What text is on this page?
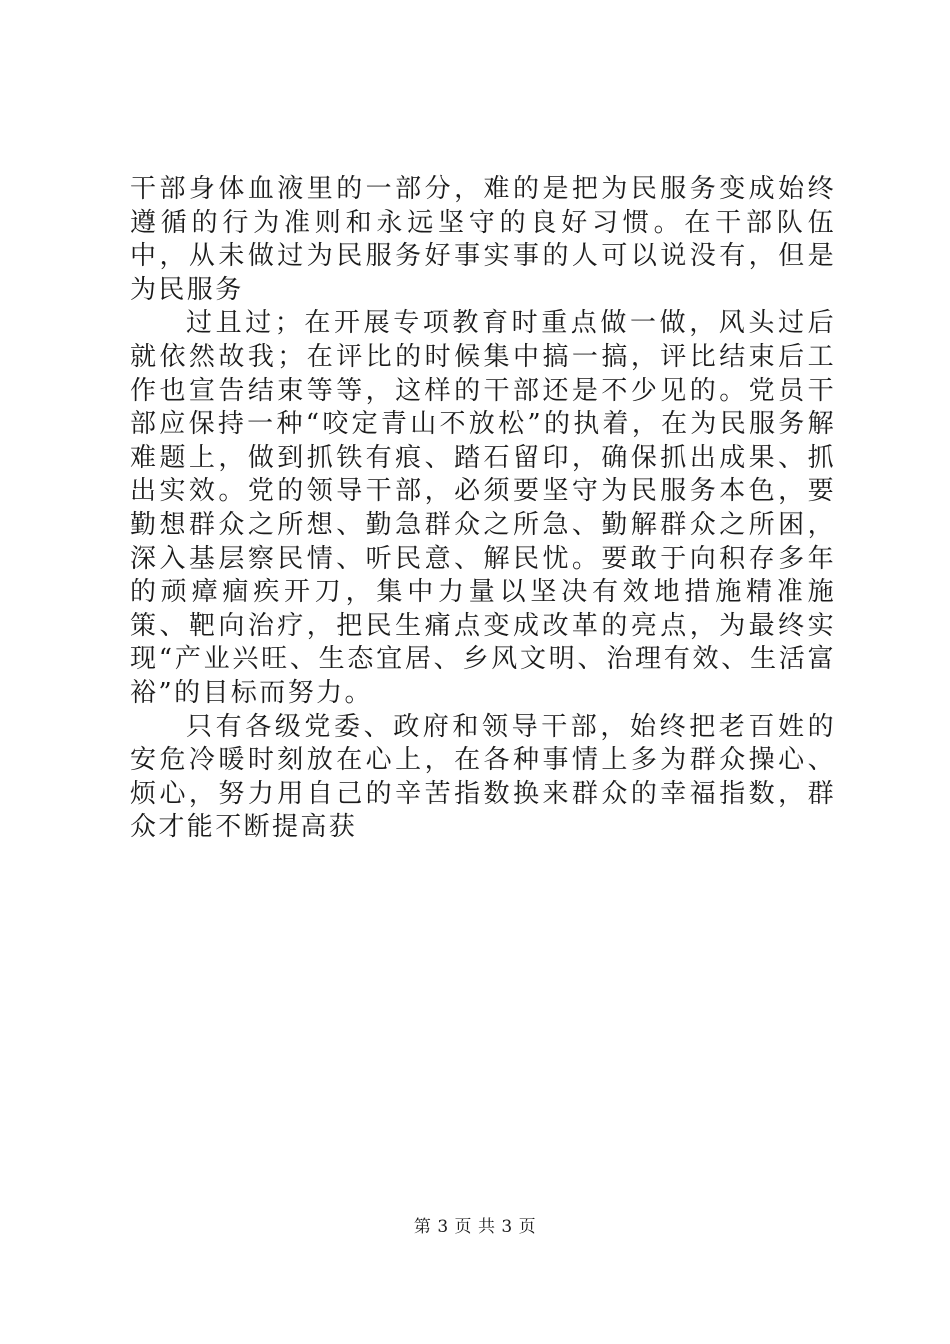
干部身体血液里的一部分，难的是把为民服务变成始终遵循的行为准则和永远坚守的良好习惯。在干部队伍中，从未做过为民服务好事实事的人可以说没有，但是为民服务

过且过；在开展专项教育时重点做一做，风头过后就依然故我；在评比的时候集中搞一搞，评比结束后工作也宣告结束等等，这样的干部还是不少见的。党员干部应保持一种“咬定青山不放松”的执着，在为民服务解难题上，做到抓铁有痕、踏石留印，确保抓出成果、抓出实效。党的领导干部，必须要坚守为民服务本色，要勤想群众之所想、勤急群众之所急、勤解群众之所困，深入基层察民情、听民意、解民忧。要敢于向积存多年的顽瘴痼疾开刀，集中力量以坚决有效地措施精准施策、靶向治疗，把民生痛点变成改革的亮点，为最终实现“产业兴旺、生态宜居、乡风文明、治理有效、生活富裕”的目标而努力。

只有各级党委、政府和领导干部，始终把老百姓的安危冷暖时刻放在心上，在各种事情上多为群众操心、烦心，努力用自己的辛苦指数换来群众的幸福指数，群众才能不断提高获

第 3 页 共 3 页
